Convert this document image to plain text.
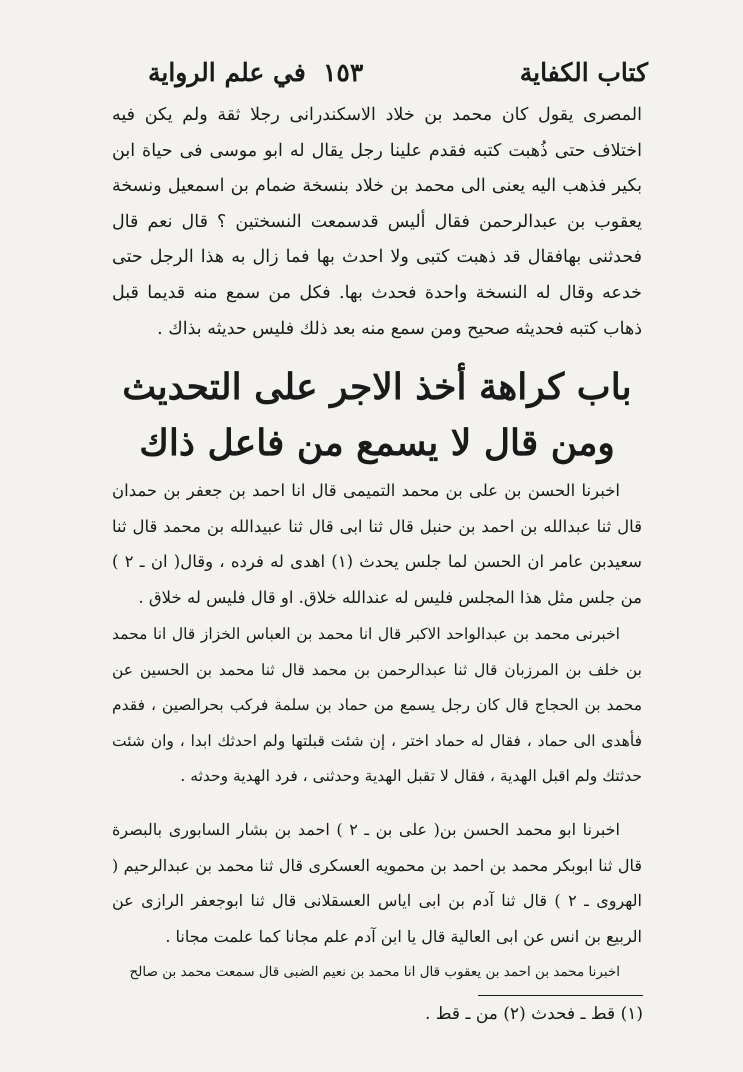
في علم الرواية ١٥٣	كتاب الكفاية

المصرى يقول كان محمد بن خلاد الاسكندرانى رجلا ثقة ولم يكن فيه اختلاف حتى ذُهبت كتبه فقدم علينا رجل يقال له ابو موسى فى حياة ابن بكير فذهب اليه يعنى الى محمد بن خلاد بنسخة ضمام بن اسمعيل ونسخة يعقوب بن عبدالرحمن فقال أليس قدسمعت النسختين ؟ قال نعم قال فحدثنى بهافقال قد ذهبت كتبى ولا احدث بها فما زال به هذا الرجل حتى خدعه وقال له النسخة واحدة فحدث بها. فكل من سمع منه قديما قبل ذهاب كتبه فحديثه صحيح ومن سمع منه بعد ذلك فليس حديثه بذاك .

باب كراهة أخذ الاجر على التحديث
ومن قال لا يسمع من فاعل ذاك

اخبرنا الحسن بن على بن محمد التميمى قال انا احمد بن جعفر بن حمدان قال ثنا عبدالله بن احمد بن حنبل قال ثنا ابى قال ثنا عبيدالله بن محمد قال ثنا سعيدبن عامر ان الحسن لما جلس يحدث (١) اهدى له فرده ، وقال( ان ـ ٢ ) من جلس مثل هذا المجلس فليس له عندالله خلاق. او قال فليس له خلاق .

اخبرنى محمد بن عبدالواحد الاكبر قال انا محمد بن العباس الخزاز قال انا محمد بن خلف بن المرزبان قال ثنا عبدالرحمن بن محمد قال ثنا محمد بن الحسين عن محمد بن الحجاج قال كان رجل يسمع من حماد بن سلمة فركب بحرالصين ، فقدم فأهدى الى حماد ، فقال له حماد اختر ، إن شئت قبلتها ولم احدثك ابدا ، وان شئت حدثتك ولم اقبل الهدية ، فقال لا تقبل الهدية وحدثنى ، فرد الهدية وحدثه .

اخبرنا ابو محمد الحسن بن( على بن ـ ٢ ) احمد بن بشار السابورى بالبصرة قال ثنا ابوبكر محمد بن احمد بن محمويه العسكرى قال ثنا محمد بن عبدالرحيم ( الهروى ـ ٢ ) قال ثنا آدم بن ابى اياس العسقلانى قال ثنا ابوجعفر الرازى عن الربيع بن انس عن ابى العالية قال يا ابن آدم علم مجانا كما علمت مجانا .

اخبرنا محمد بن احمد بن يعقوب قال انا محمد بن نعيم الضبى قال سمعت محمد بن صالح

(١) قط ـ فحدث (٢) من ـ قط .
